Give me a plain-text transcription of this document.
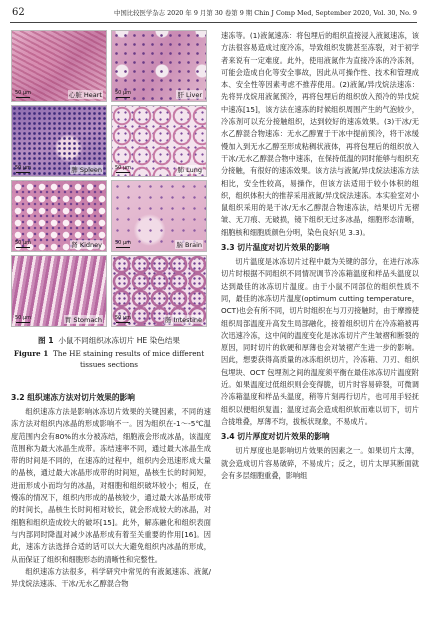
62	中国比较医学杂志 2020 年 9 月第 30 卷第 9 期 Chin J Comp Med, September 2020, Vol. 30, No. 9
50 μm	心脏 Heart	50 μm	肝 Liver
50 μm	脾 Spleen	50 μm	肺 Lung
50 μm	肾 Kidney	50 μm	脑 Brain
50 μm	胃 Stomach	50 μm	肠 Intestine
图 1 小鼠不同组织冰冻切片 HE 染色结果
Figure 1 The HE staining results of mice different tissues sections
3.2 组织速冻方法对切片效果的影响

组织速冻方法是影响冰冻切片效果的关键因素，不同的速冻方法对组织内冰晶的形成影响不一。因为组织在-1～-5℃温度范围内会有80%的水分被冻结，细胞液会形成冰晶，该温度范围称为最大冰晶生成带。冻结速率不同，通过最大冰晶生成带的时间是不同的，在速冻的过程中，组织内会迅速形成大量的晶核，通过最大冰晶形成带的时间短，晶核生长的时间短，进而形成小而均匀的冰晶，对细胞和组织破坏较小；相反，在慢冻的情况下，组织内形成的晶核较少，通过最大冰晶形成带的时间长，晶核生长时间相对较长，就会形成较大的冰晶，对细胞和组织造成较大的破坏[15]。此外，解冻融化和组织表面与内部同时降温对减少冰晶形成有着至关重要的作用[16]。因此，速冻方法选择合适的话可以大大避免组织内冰晶的形成，从而保证了组织和细胞形态的清晰性和完整性。

组织速冻方法很多，科学研究中常见的有液氮速冻、液氮/异戊烷法速冻、干冰/无水乙醇混合物

速冻等。(1)液氮速冻：将包埋后的组织直接浸入液氮速冻，该方法很容易造成过度冷冻，导致组织发脆甚至冻裂，对于初学者来说有一定难度。此外，使用液氮作为直接冷冻的冷冻剂，可能会造成自化等安全事故，因此从可操作性、技术和管理成本、安全性等因素考虑不推荐使用。(2)液氮/异戊烷法速冻：先将异戊烷用液氮预冷，再将包埋后的组织放入预冷的异戊烷中速冻[15]，该方法在速冻的时候组织周围产生的气泡较少，冷冻剂可以充分接触组织，达到较好的速冻效果。(3)干冰/无水乙醇混合物速冻：无水乙醇置于干冰中提前预冷，将干冰缓慢加入到无水乙醇至形成粘稠状液体，再将包埋后的组织放入干冰/无水乙醇混合物中速冻，在保持低温的同时能够与组织充分接触，有很好的速冻效果。该方法与液氮/异戊烷法速冻方法相比，安全性较高，易操作，但该方法适用于较小体积的组织，组织体积大的推荐采用液氮/异戊烷法速冻。本实验室对小鼠组织采用的是干冰/无水乙醇混合物速冻法，结果切片无褶皱、无刀痕、无破损，镜下组织无过多冰晶，细胞形态清晰，细胞核和细胞质颜色分明，染色良好(见 3.3)。

3.3 切片温度对切片效果的影响

切片温度是冰冻切片过程中最为关键的部分，在进行冰冻切片时根据不同组织不同情况调节冷冻箱温度和样品头温度以达到最佳的冰冻切片温度。由于小鼠不同部位的组织性质不同，最佳的冰冻切片温度(optimum cutting temperature，OCT)也会有所不同，切片时组织在与刀刃接触时，由于摩擦使组织局部温度升高发生局部融化，接着组织切片在冷冻箱被再次迅速冷冻，这中间的温度变化是冰冻切片产生皱褶和断裂的原因，同时切片的软硬和厚薄也会对皱褶产生进一步的影响。因此，想要获得高质量的冰冻组织切片，冷冻箱、刀刃、组织包埋块、OCT 包埋剂之间的温度须平衡在最佳冰冻切片温度附近。如果温度过低组织则会变得脆，切片时容易碎裂，可微调冷冻箱温度和样品头温度，稍等片刻再行切片，也可用手轻抚组织以便组织复温；温度过高会造成组织软而难以切下，切片合拢堆叠，厚薄不均，拔板状现象，不易成片。

3.4 切片厚度对切片效果的影响

切片厚度也是影响切片效果的因素之一。如果切片太薄，就会造成切片容易破碎，不易成片；反之，切片太厚其断面就会有多层细胞重叠，影响组
